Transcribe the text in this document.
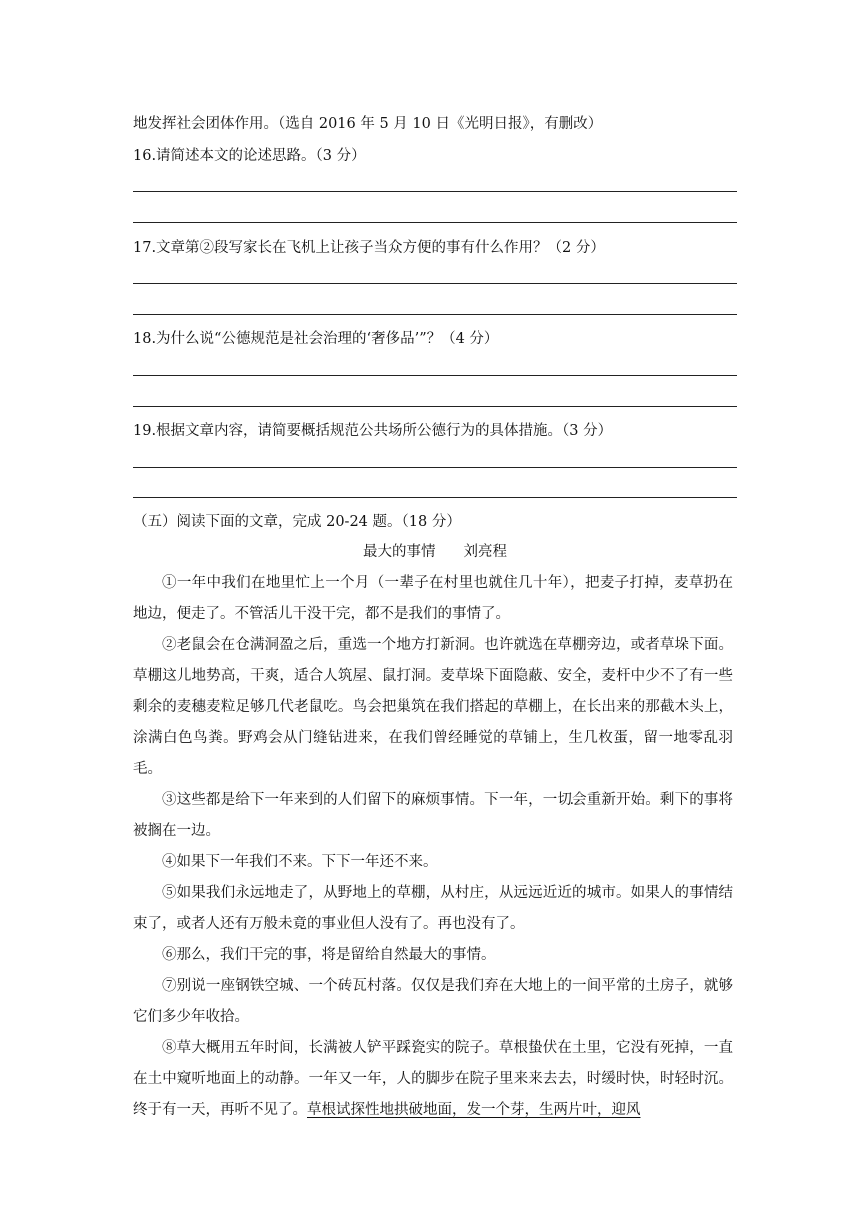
地发挥社会团体作用。（选自 2016 年 5 月 10 日《光明日报》，有删改）
16.请简述本文的论述思路。（3 分）
17.文章第②段写家长在飞机上让孩子当众方便的事有什么作用？（2 分）
18.为什么说“公德规范是社会治理的‘奢侈品’”？（4 分）
19.根据文章内容，请简要概括规范公共场所公德行为的具体措施。（3 分）
（五）阅读下面的文章，完成 20-24 题。（18 分）
最大的事情 刘亮程

①一年中我们在地里忙上一个月（一辈子在村里也就住几十年），把麦子打掉，麦草扔在地边，便走了。不管活儿干没干完，都不是我们的事情了。

②老鼠会在仓满洞盈之后，重选一个地方打新洞。也许就选在草棚旁边，或者草垛下面。草棚这儿地势高，干爽，适合人筑屋、鼠打洞。麦草垛下面隐蔽、安全，麦杆中少不了有一些剩余的麦穗麦粒足够几代老鼠吃。鸟会把巢筑在我们搭起的草棚上，在长出来的那截木头上，涂满白色鸟粪。野鸡会从门缝钻进来，在我们曾经睡觉的草铺上，生几枚蛋，留一地零乱羽毛。

③这些都是给下一年来到的人们留下的麻烦事情。下一年，一切会重新开始。剩下的事将被搁在一边。

④如果下一年我们不来。下下一年还不来。

⑤如果我们永远地走了，从野地上的草棚，从村庄，从远远近近的城市。如果人的事情结束了，或者人还有万般未竟的事业但人没有了。再也没有了。

⑥那么，我们干完的事，将是留给自然最大的事情。

⑦别说一座钢铁空城、一个砖瓦村落。仅仅是我们弃在大地上的一间平常的土房子，就够它们多少年收拾。

⑧草大概用五年时间，长满被人铲平踩瓷实的院子。草根蛰伏在土里，它没有死掉，一直在土中窥听地面上的动静。一年又一年，人的脚步在院子里来来去去，时缓时快，时轻时沉。终于有一天，再听不见了。草根试探性地拱破地面，发一个芽，生两片叶，迎风
